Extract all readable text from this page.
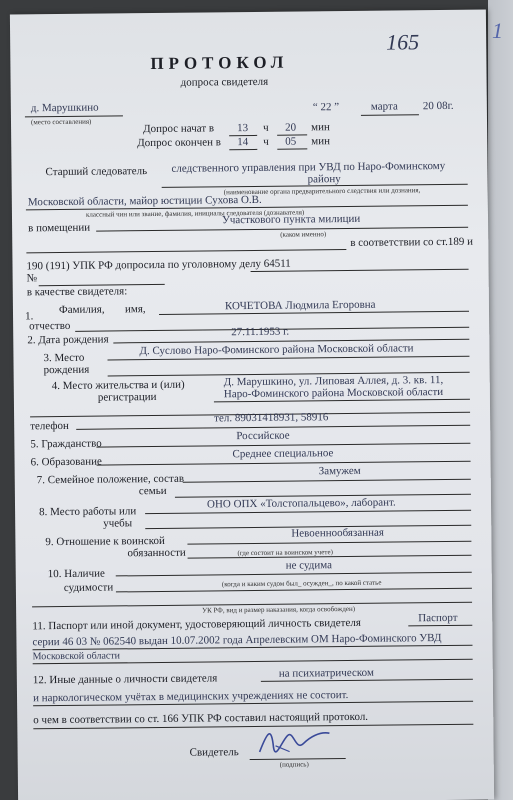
1
165
ПРОТОКОЛ
допроса свидетеля
д. Марушкино
(место составления)
“ 22 ”	марта 20 08г.
Допрос начат в 13 ч 20 мин
Допрос окончен в 14 ч 05 мин
Старший следователь следственного управления при УВД по Наро-Фоминскому
району
(наименование органа предварительного следствия или дознания,
Московской области, майор юстиции Сухова О.В.
классный чин или звание, фамилия, инициалы следователя (дознавателя)
в помещении
Участкового пункта милиции
(каком именно)
в соответствии со ст.189 и
190 (191) УПК РФ допросила по уголовному делу 64511
№
в качестве свидетеля:
1.
Фамилия, имя,
отчество
КОЧЕТОВА Людмила Егоровна
2. Дата рождения
27.11.1953 г.
3. Место
рождения
Д. Суслово Наро-Фоминского района Московской области
4. Место жительства и (или)
регистрации
Д. Марушкино, ул. Липовая Аллея, д. 3. кв. 11,
Наро-Фоминского района Московской области
телефон
тел. 89031418931, 58916
5. Гражданство
Российское
6. Образование
Среднее специальное
7. Семейное положение, состав
семьи
Замужем
8. Место работы или
учебы
ОНО ОПХ «Толстопальцево», лаборант.
9. Отношение к воинской
обязанности
Невоеннообязанная
(где состоит на воинском учете)
10. Наличие
судимости
не судима
(когда и каким судом был_ осужден_, по какой статье
УК РФ, вид и размер наказания, когда освобожден)
11. Паспорт или иной документ, удостоверяющий личность свидетеля	Паспорт
серии 46 03 № 062540 выдан 10.07.2002 года Апрелевским ОМ Наро-Фоминского УВД
Московской области
12. Иные данные о личности свидетеля	на психиатрическом
и наркологическом учётах в медицинских учреждениях не состоит.
о чем в соответствии со ст. 166 УПК РФ составил настоящий протокол.
Свидетель
(подпись)
